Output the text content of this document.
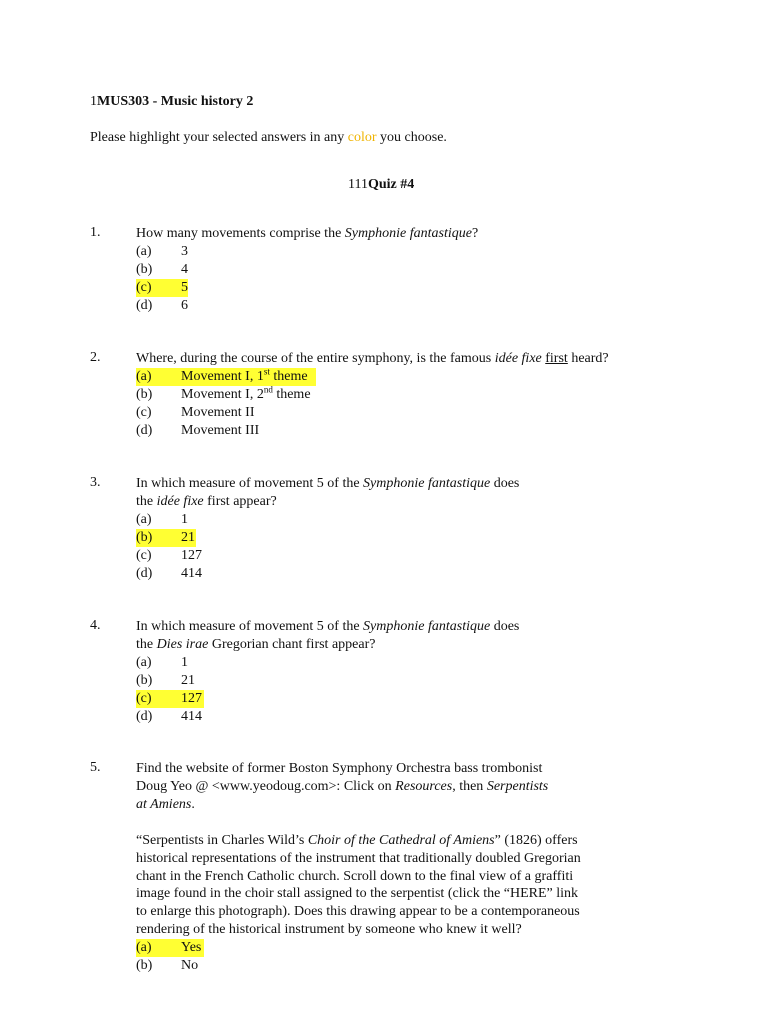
1MUS303 - Music history 2
Please highlight your selected answers in any color you choose.
111Quiz #4
1.	How many movements comprise the Symphonie fantastique?
(a) 3
(b) 4
(c) 5
(d) 6
2.	Where, during the course of the entire symphony, is the famous idée fixe first heard?
(a) Movement I, 1st theme
(b) Movement I, 2nd theme
(c) Movement II
(d) Movement III
3.	In which measure of movement 5 of the Symphonie fantastique does
the idée fixe first appear?
(a) 1
(b) 21
(c) 127
(d) 414
4.	In which measure of movement 5 of the Symphonie fantastique does
the Dies irae Gregorian chant first appear?
(a) 1
(b) 21
(c) 127
(d) 414
5.	Find the website of former Boston Symphony Orchestra bass trombonist
Doug Yeo @ <www.yeodoug.com>: Click on Resources, then Serpentists
at Amiens.
“Serpentists in Charles Wild’s Choir of the Cathedral of Amiens” (1826) offers
historical representations of the instrument that traditionally doubled Gregorian
chant in the French Catholic church. Scroll down to the final view of a graffiti
image found in the choir stall assigned to the serpentist (click the “HERE” link
to enlarge this photograph). Does this drawing appear to be a contemporaneous
rendering of the historical instrument by someone who knew it well?
(a) Yes
(b) No
